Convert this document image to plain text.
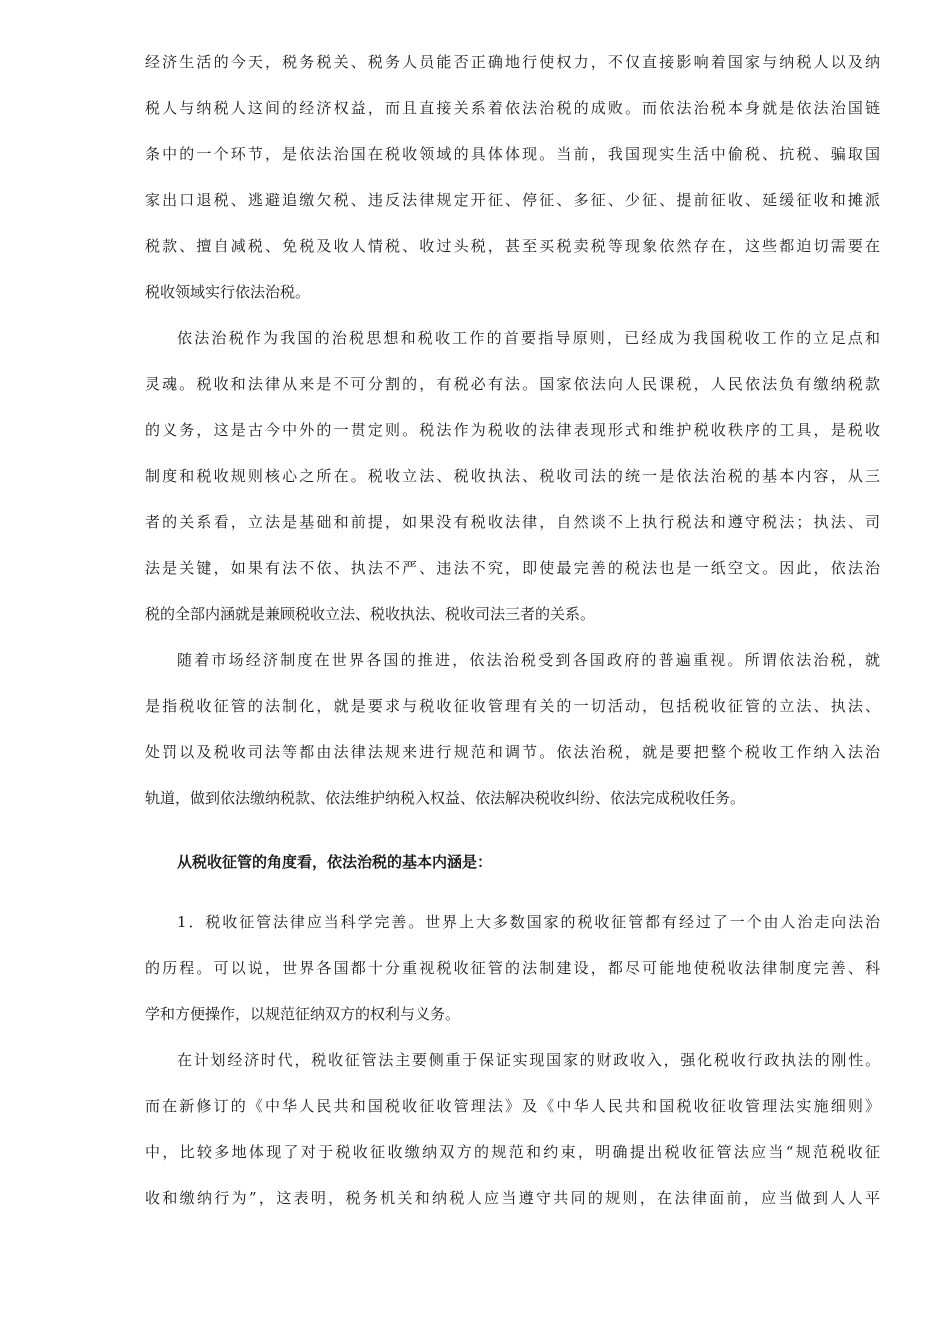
经济生活的今天，税务税关、税务人员能否正确地行使权力，不仅直接影响着国家与纳税人以及纳
税人与纳税人这间的经济权益，而且直接关系着依法治税的成败。而依法治税本身就是依法治国链
条中的一个环节，是依法治国在税收领域的具体体现。当前，我国现实生活中偷税、抗税、骗取国
家出口退税、逃避追缴欠税、违反法律规定开征、停征、多征、少征、提前征收、延缓征收和摊派
税款、擅自减税、免税及收人情税、收过头税，甚至买税卖税等现象依然存在，这些都迫切需要在
税收领域实行依法治税。
依法治税作为我国的治税思想和税收工作的首要指导原则，已经成为我国税收工作的立足点和
灵魂。税收和法律从来是不可分割的，有税必有法。国家依法向人民课税，人民依法负有缴纳税款
的义务，这是古今中外的一贯定则。税法作为税收的法律表现形式和维护税收秩序的工具，是税收
制度和税收规则核心之所在。税收立法、税收执法、税收司法的统一是依法治税的基本内容，从三
者的关系看，立法是基础和前提，如果没有税收法律，自然谈不上执行税法和遵守税法；执法、司
法是关键，如果有法不依、执法不严、违法不究，即使最完善的税法也是一纸空文。因此，依法治
税的全部内涵就是兼顾税收立法、税收执法、税收司法三者的关系。
随着市场经济制度在世界各国的推进，依法治税受到各国政府的普遍重视。所谓依法治税，就
是指税收征管的法制化，就是要求与税收征收管理有关的一切活动，包括税收征管的立法、执法、
处罚以及税收司法等都由法律法规来进行规范和调节。依法治税，就是要把整个税收工作纳入法治
轨道，做到依法缴纳税款、依法维护纳税入权益、依法解决税收纠纷、依法完成税收任务。

从税收征管的角度看，依法治税的基本内涵是：

1．税收征管法律应当科学完善。世界上大多数国家的税收征管都有经过了一个由人治走向法治
的历程。可以说，世界各国都十分重视税收征管的法制建设，都尽可能地使税收法律制度完善、科
学和方便操作，以规范征纳双方的权利与义务。
在计划经济时代，税收征管法主要侧重于保证实现国家的财政收入，强化税收行政执法的刚性。
而在新修订的《中华人民共和国税收征收管理法》及《中华人民共和国税收征收管理法实施细则》
中，比较多地体现了对于税收征收缴纳双方的规范和约束，明确提出税收征管法应当“规范税收征
收和缴纳行为”，这表明，税务机关和纳税人应当遵守共同的规则，在法律面前，应当做到人人平
